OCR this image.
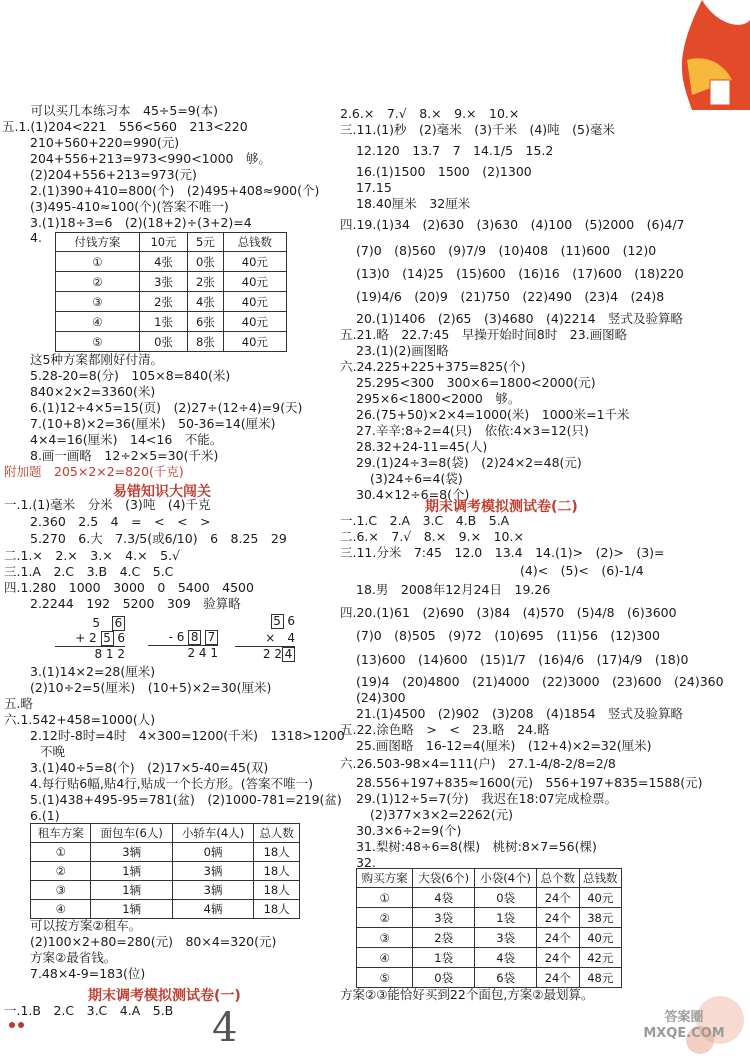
　可以买几本练习本　45÷5=9(本)
五.1.(1)204<221　556<560　213<220
210+560+220=990(元)
204+556+213=973<990<1000　够。
(2)204+556+213=973(元)
2.(1)390+410=800(个)　(2)495+408≈900(个)
(3)495-410≈100(个)(答案不唯一)
3.(1)18÷3=6　(2)(18+2)÷(3+2)=4
4.	付钱方案	10元	5元	总钱数
①	4张	0张	40元
②	3张	2张	40元
③	2张	4张	40元
④	1张	6张	40元
⑤	0张	8张	40元
这5种方案都刚好付清。
5.28-20=8(分)　105×8=840(米)
840×2×2=3360(米)
6.(1)12÷4×5=15(页)　(2)27÷(12÷4)=9(天)
7.(10+8)×2=36(厘米)　50-36=14(厘米)
4×4=16(厘米)　14<16　不能。
8.画一画略　12÷2×5=30(千米)
附加题　205×2×2=820(千克)
易错知识大闯关
一.1.(1)毫米　分米　(3)吨　(4)千克
2.360　2.5　4　=　<　<　>
5.270　6.大　7.3/5(或6/10)　6　8.25　29
二.1.×　2.×　3.×　4.×　5.√
三.1.A　2.C　3.B　4.C　5.C
四.1.280　1000　3000　0　5400　4500
2.2244　192　5200　309　验算略
5　 6
+ 2 5 6
8 1 2
- 6 8 7
2 4 1
5 6
×　 4
2 2 4
3.(1)14×2=28(厘米)
(2)10÷2=5(厘米)　(10+5)×2=30(厘米)
五.略
六.1.542+458=1000(人)
2.12时-8时=4时　4×300=1200(千米)　1318>1200
不晚
3.(1)40÷5=8(个)　(2)17×5-40=45(双)
4.每行贴6幅,贴4行,贴成一个长方形。(答案不唯一)
5.(1)438+495-95=781(盆)　(2)1000-781=219(盆)
6.(1)
租车方案	面包车(6人)	小轿车(4人)	总人数
①	3辆	0辆	18人
②	1辆	3辆	18人
③	1辆	3辆	18人
④	1辆	4辆	18人
可以按方案②租车。
(2)100×2+80=280(元)　80×4=320(元)
方案②最省钱。
7.48×4-9=183(位)
期末调考模拟测试卷(一)
一.1.B　2.C　3.C　4.A　5.B
2.6.×　7.√　8.×　9.×　10.×
三.11.(1)秒　(2)毫米　(3)千米　(4)吨　(5)毫米
12.120　13.7　7　14.1/5　15.2
16.(1)1500　1500　(2)1300
17.15
18.40厘米　32厘米
四.19.(1)34　(2)630　(3)630　(4)100　(5)2000　(6)4/7
(7)0　(8)560　(9)7/9　(10)408　(11)600　(12)0
(13)0　(14)25　(15)600　(16)16　(17)600　(18)220
(19)4/6　(20)9　(21)750　(22)490　(23)4　(24)8
20.(1)1406　(2)65　(3)4680　(4)2214　竖式及验算略
五.21.略　22.7:45　早操开始时间8时　23.画图略
23.(1)(2)画图略
六.24.225+225+375=825(个)
25.295<300　300×6=1800<2000(元)
295×6<1800<2000　够。
26.(75+50)×2×4=1000(米)　1000米=1千米
27.辛辛:8÷2=4(只)　依依:4×3=12(只)
28.32+24-11=45(人)
29.(1)24÷3=8(袋)　(2)24×2=48(元)
(3)24÷6=4(袋)
30.4×12÷6=8(个)
期末调考模拟测试卷(二)
一.1.C　2.A　3.C　4.B　5.A
二.6.×　7.√　8.×　9.×　10.×
三.11.分米　7:45　12.0　13.4　14.(1)>　(2)>　(3)=
(4)<　(5)<　(6)-1/4
18.男　2008年12月24日　19.26
四.20.(1)61　(2)690　(3)84　(4)570　(5)4/8　(6)3600
(7)0　(8)505　(9)72　(10)695　(11)56　(12)300
(13)600　(14)600　(15)1/7　(16)4/6　(17)4/9　(18)0
(19)4　(20)4800　(21)4000　(22)3000　(23)600　(24)360
(24)300
21.(1)4500　(2)902　(3)208　(4)1854　竖式及验算略
五.22.涂色略　>　<　23.略　24.略
25.画图略　16-12=4(厘米)　(12+4)×2=32(厘米)
六.26.503-98×4=111(户)　27.1-4/8-2/8=2/8
28.556+197+835≈1600(元)　556+197+835=1588(元)
29.(1)12÷5=7(分)　我迟在18:07完成检票。
(2)377×3×2=2262(元)
30.3×6÷2=9(个)
31.梨树:48÷6=8(棵)　桃树:8×7=56(棵)
32.
购买方案	大袋(6个)	小袋(4个)	总个数	总钱数
①	4袋	0袋	24个	40元
②	3袋	1袋	24个	38元
③	2袋	3袋	24个	40元
④	1袋	4袋	24个	42元
⑤	0袋	6袋	24个	48元
方案②③能恰好买到22个面包,方案②最划算。
4	答案圈 MXQE.COM
